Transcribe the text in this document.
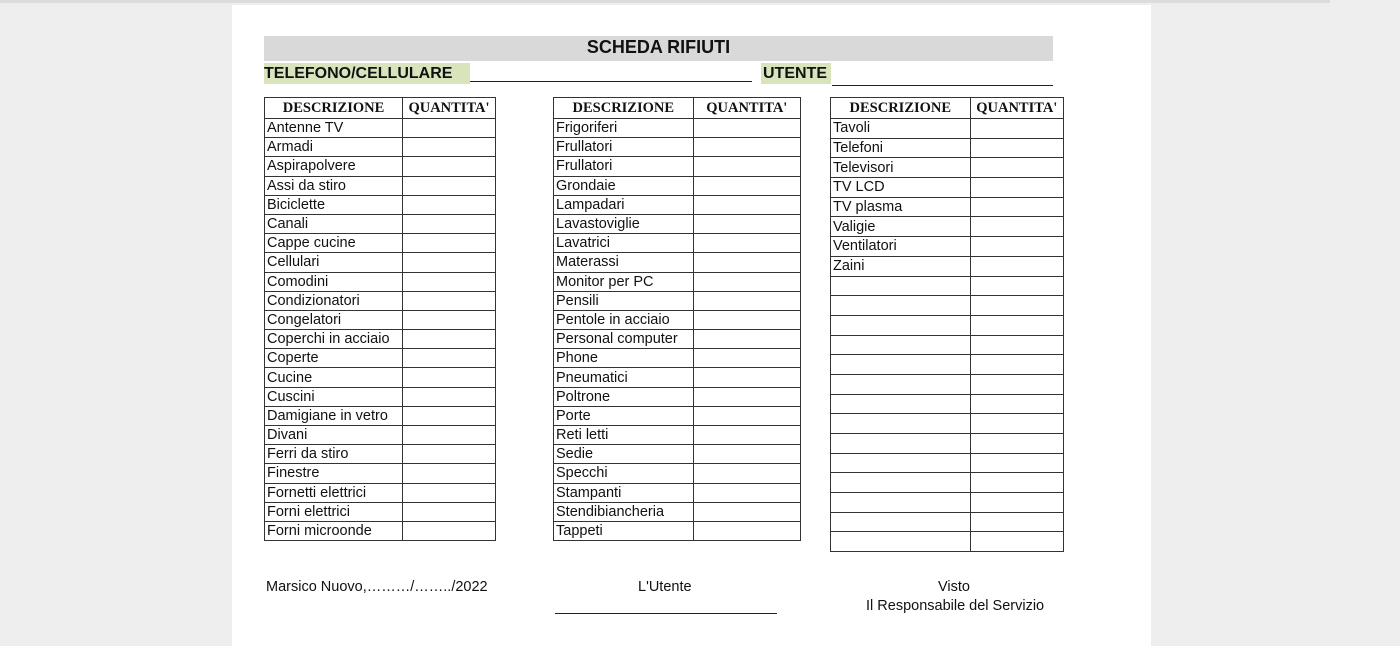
SCHEDA RIFIUTI
TELEFONO/CELLULARE	UTENTE
DESCRIZIONE	QUANTITA'
Antenne TV	
Armadi	
Aspirapolvere	
Assi da stiro	
Biciclette	
Canali	
Cappe cucine	
Cellulari	
Comodini	
Condizionatori	
Congelatori	
Coperchi in acciaio	
Coperte	
Cucine	
Cuscini	
Damigiane in vetro	
Divani	
Ferri da stiro	
Finestre	
Fornetti elettrici	
Forni elettrici	
Forni microonde	
DESCRIZIONE	QUANTITA'
Frigoriferi	
Frullatori	
Frullatori	
Grondaie	
Lampadari	
Lavastoviglie	
Lavatrici	
Materassi	
Monitor per PC	
Pensili	
Pentole in acciaio	
Personal computer	
Phone	
Pneumatici	
Poltrone	
Porte	
Reti letti	
Sedie	
Specchi	
Stampanti	
Stendibiancheria	
Tappeti	
DESCRIZIONE	QUANTITA'
Tavoli	
Telefoni	
Televisori	
TV LCD	
TV plasma	
Valigie	
Ventilatori	
Zaini	

Marsico Nuovo,………/……../2022	L'Utente	Visto
Il Responsabile del Servizio
